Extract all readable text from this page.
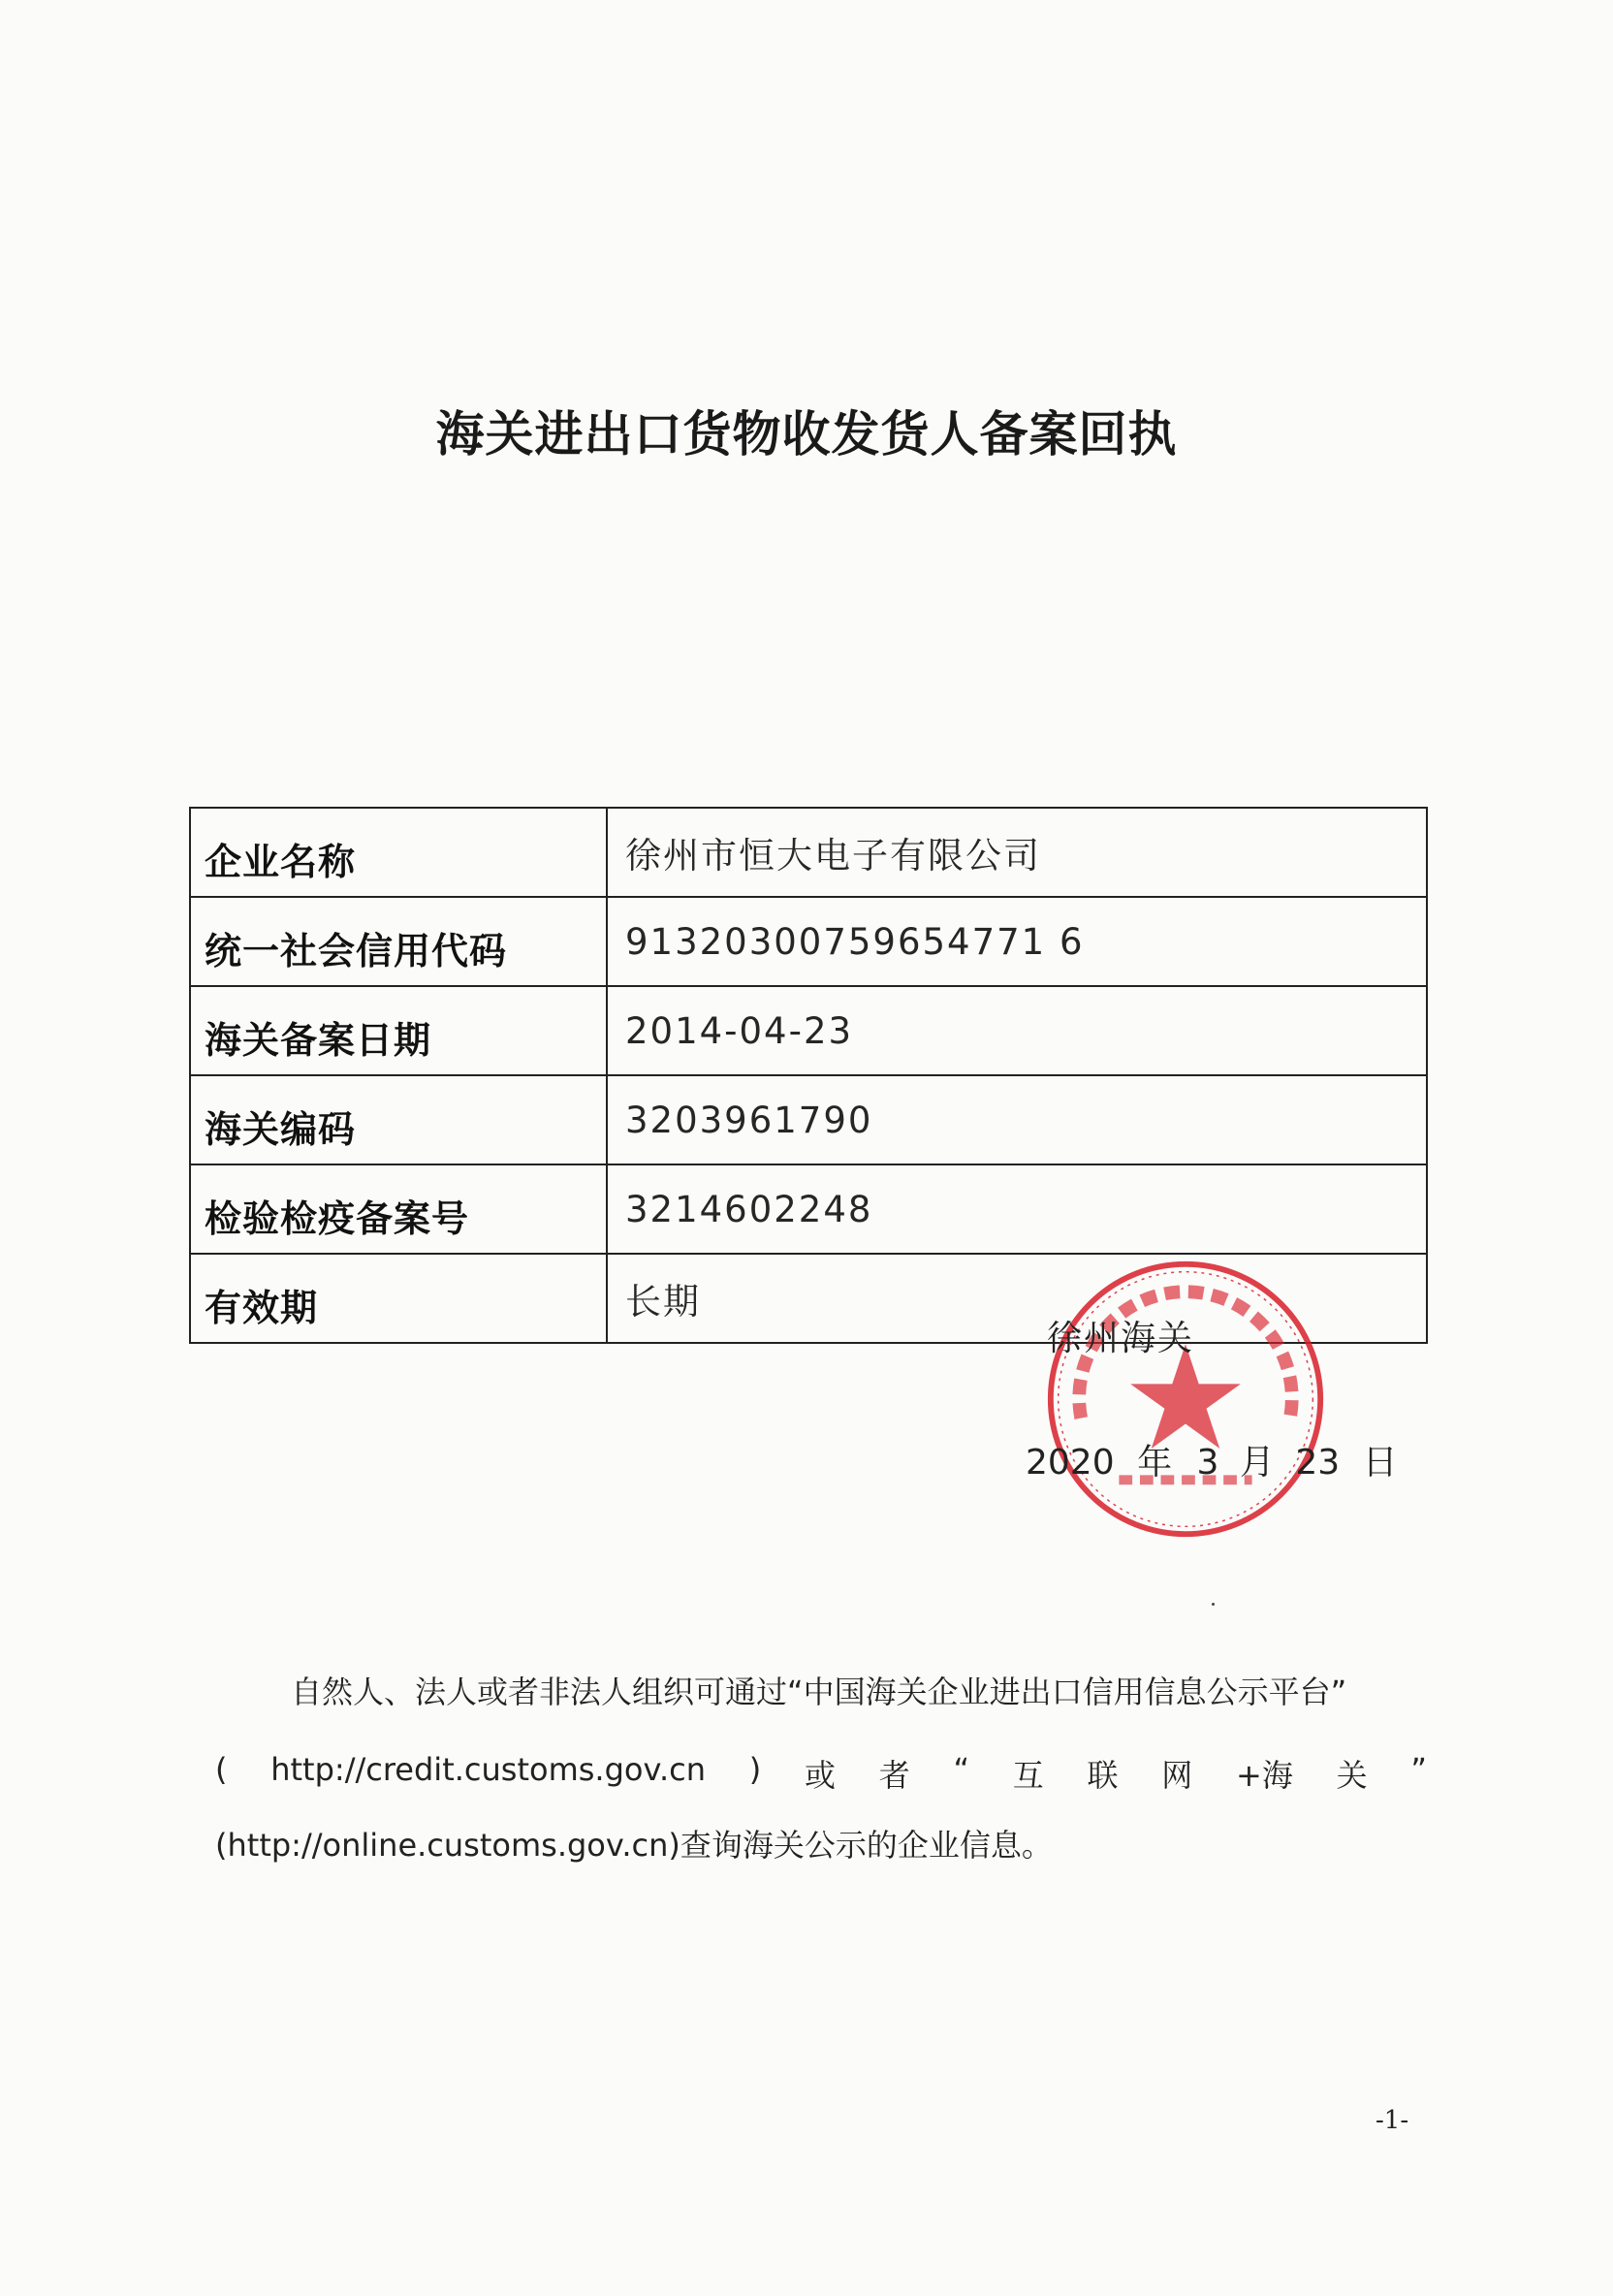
海关进出口货物收发货人备案回执
企业名称	徐州市恒大电子有限公司
统一社会信用代码	91320300759654771 6
海关备案日期	2014-04-23
海关编码	3203961790
检验检疫备案号	3214602248
有效期	长期
徐州海关
2020 年 3 月 23 日
自然人、法人或者非法人组织可通过“中国海关企业进出口信用信息公示平台”
( http://credit.customs.gov.cn ) 或 者 “ 互 联 网 +海 关 ”
(http://online.customs.gov.cn)查询海关公示的企业信息。
-1-
